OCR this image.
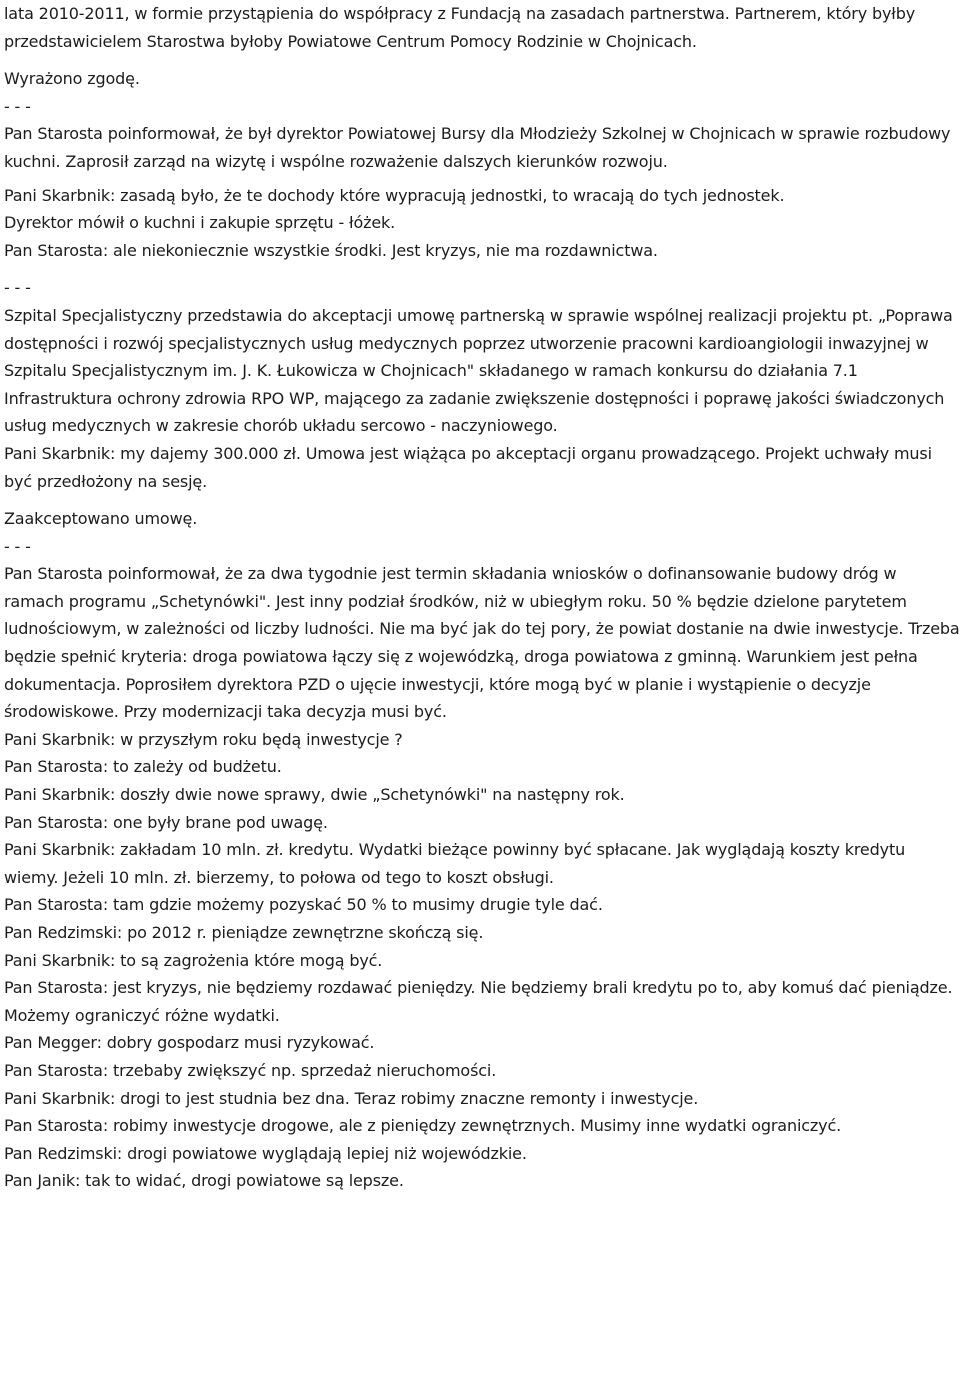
lata 2010-2011, w formie przystąpienia do współpracy z Fundacją na zasadach partnerstwa. Partnerem, który byłby przedstawicielem Starostwa byłoby Powiatowe Centrum Pomocy Rodzinie w Chojnicach.

Wyrażono zgodę.

- - -

Pan Starosta poinformował, że był dyrektor Powiatowej Bursy dla Młodzieży Szkolnej w Chojnicach w sprawie rozbudowy kuchni. Zaprosił zarząd na wizytę i wspólne rozważenie dalszych kierunków rozwoju.

Pani Skarbnik: zasadą było, że te dochody które wypracują jednostki, to wracają do tych jednostek.

Dyrektor mówił o kuchni i zakupie sprzętu - łóżek.

Pan Starosta: ale niekoniecznie wszystkie środki. Jest kryzys, nie ma rozdawnictwa.

- - -

Szpital Specjalistyczny przedstawia do akceptacji umowę partnerską w sprawie wspólnej realizacji projektu pt. „Poprawa dostępności i rozwój specjalistycznych usług medycznych poprzez utworzenie pracowni kardioangiologii inwazyjnej w Szpitalu Specjalistycznym im. J. K. Łukowicza w Chojnicach" składanego w ramach konkursu do działania 7.1 Infrastruktura ochrony zdrowia RPO WP, mającego za zadanie zwiększenie dostępności i poprawę jakości świadczonych usług medycznych w zakresie chorób układu sercowo - naczyniowego.

Pani Skarbnik: my dajemy 300.000 zł. Umowa jest wiążąca po akceptacji organu prowadzącego. Projekt uchwały musi być przedłożony na sesję.

Zaakceptowano umowę.

- - -

Pan Starosta poinformował, że za dwa tygodnie jest termin składania wniosków o dofinansowanie budowy dróg w ramach programu „Schetynówki". Jest inny podział środków, niż w ubiegłym roku. 50 % będzie dzielone parytetem ludnościowym, w zależności od liczby ludności. Nie ma być jak do tej pory, że powiat dostanie na dwie inwestycje. Trzeba będzie spełnić kryteria: droga powiatowa łączy się z wojewódzką, droga powiatowa z gminną. Warunkiem jest pełna dokumentacja. Poprosiłem dyrektora PZD o ujęcie inwestycji, które mogą być w planie i wystąpienie o decyzje środowiskowe. Przy modernizacji taka decyzja musi być.

Pani Skarbnik: w przyszłym roku będą inwestycje ?

Pan Starosta: to zależy od budżetu.

Pani Skarbnik: doszły dwie nowe sprawy, dwie „Schetynówki" na następny rok.

Pan Starosta: one były brane pod uwagę.

Pani Skarbnik: zakładam 10 mln. zł. kredytu. Wydatki bieżące powinny być spłacane. Jak wyglądają koszty kredytu wiemy. Jeżeli 10 mln. zł. bierzemy, to połowa od tego to koszt obsługi.

Pan Starosta: tam gdzie możemy pozyskać 50 % to musimy drugie tyle dać.

Pan Redzimski: po 2012 r. pieniądze zewnętrzne skończą się.

Pani Skarbnik: to są zagrożenia które mogą być.

Pan Starosta: jest kryzys, nie będziemy rozdawać pieniędzy. Nie będziemy brali kredytu po to, aby komuś dać pieniądze. Możemy ograniczyć różne wydatki.

Pan Megger: dobry gospodarz musi ryzykować.

Pan Starosta: trzebaby zwiększyć np. sprzedaż nieruchomości.

Pani Skarbnik: drogi to jest studnia bez dna. Teraz robimy znaczne remonty i inwestycje.

Pan Starosta: robimy inwestycje drogowe, ale z pieniędzy zewnętrznych. Musimy inne wydatki ograniczyć.

Pan Redzimski: drogi powiatowe wyglądają lepiej niż wojewódzkie.

Pan Janik: tak to widać, drogi powiatowe są lepsze.
